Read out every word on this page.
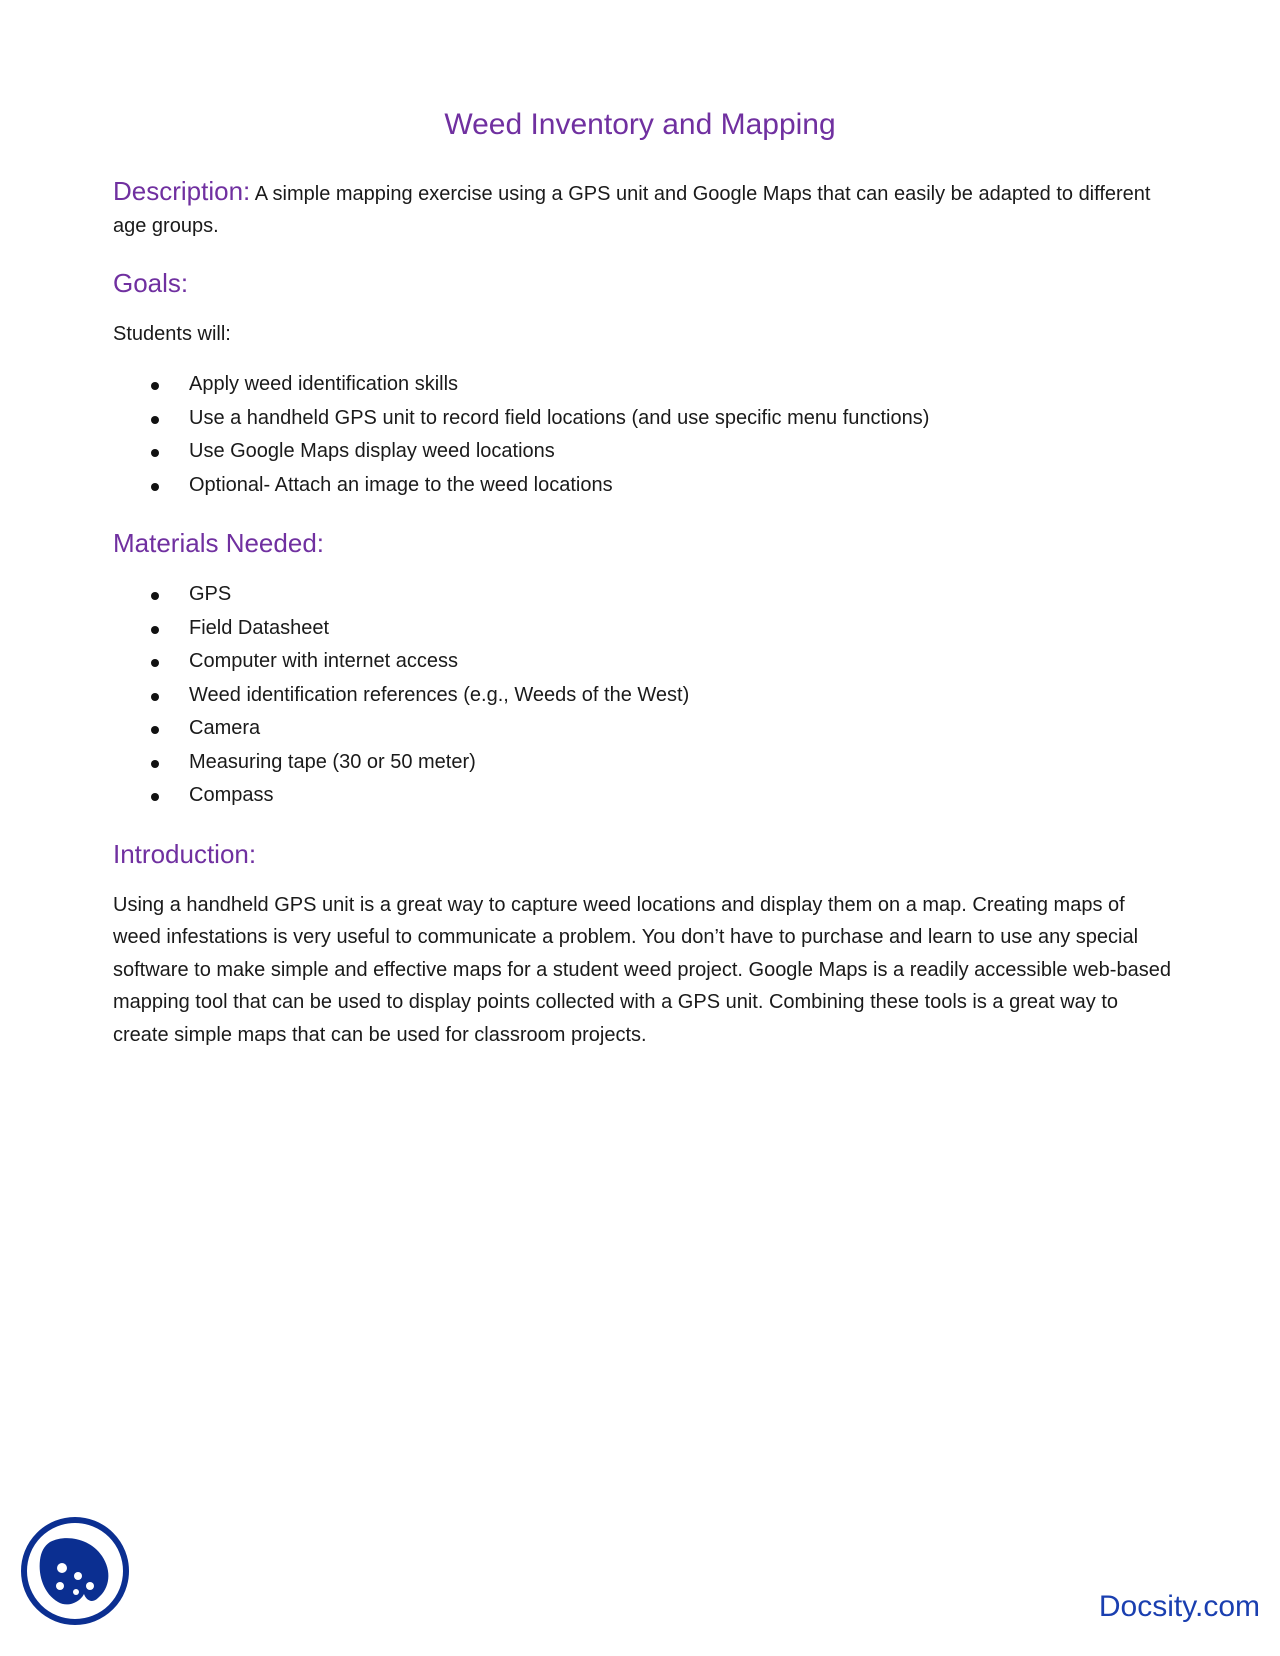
Weed Inventory and Mapping

Description: A simple mapping exercise using a GPS unit and Google Maps that can easily be adapted to different age groups.

Goals:

Students will:

Apply weed identification skills
Use a handheld GPS unit to record field locations (and use specific menu functions)
Use Google Maps display weed locations
Optional- Attach an image to the weed locations
Materials Needed:
GPS
Field Datasheet
Computer with internet access
Weed identification references (e.g., Weeds of the West)
Camera
Measuring tape (30 or 50 meter)
Compass
Introduction:

Using a handheld GPS unit is a great way to capture weed locations and display them on a map. Creating maps of weed infestations is very useful to communicate a problem. You don’t have to purchase and learn to use any special software to make simple and effective maps for a student weed project. Google Maps is a readily accessible web-based mapping tool that can be used to display points collected with a GPS unit. Combining these tools is a great way to create simple maps that can be used for classroom projects.

Docsity.com
